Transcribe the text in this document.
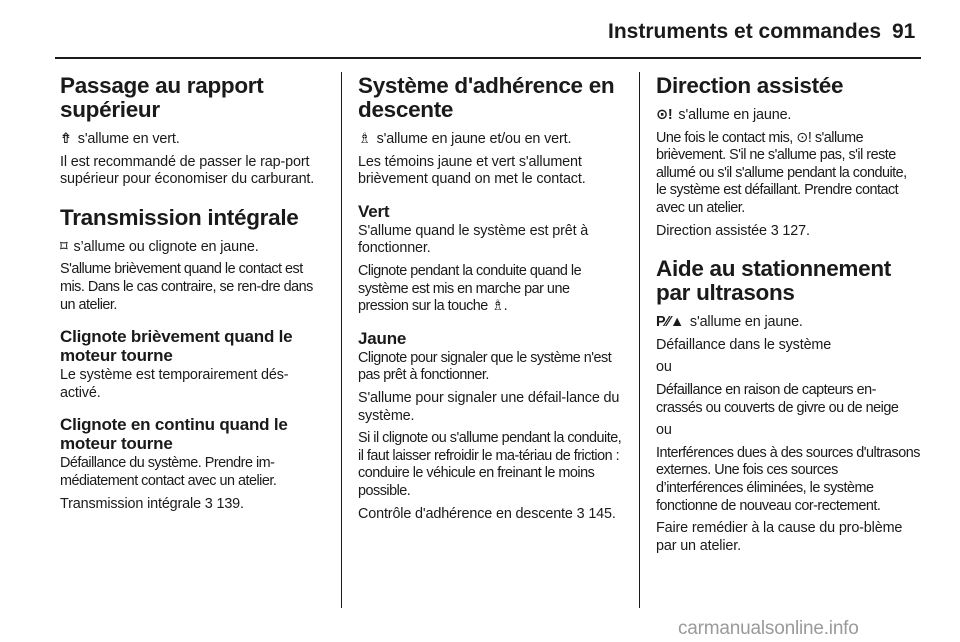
Instruments et commandes 91
Passage au rapport supérieur

⇮ s'allume en vert.

Il est recommandé de passer le rap-port supérieur pour économiser du carburant.

Transmission intégrale

⌑ s’allume ou clignote en jaune.

S'allume brièvement quand le contact est mis. Dans le cas contraire, se ren-dre dans un atelier.

Clignote brièvement quand le moteur tourne

Le système est temporairement dés-activé.

Clignote en continu quand le moteur tourne

Défaillance du système. Prendre im-médiatement contact avec un atelier.

Transmission intégrale 3 139.

Système d'adhérence en descente

♗ s'allume en jaune et/ou en vert.

Les témoins jaune et vert s'allument brièvement quand on met le contact.

Vert

S'allume quand le système est prêt à fonctionner.

Clignote pendant la conduite quand le système est mis en marche par une pression sur la touche ♗.

Jaune

Clignote pour signaler que le système n'est pas prêt à fonctionner.

S'allume pour signaler une défail-lance du système.

Si il clignote ou s'allume pendant la conduite, il faut laisser refroidir le ma-tériau de friction : conduire le véhicule en freinant le moins possible.

Contrôle d'adhérence en descente 3 145.

Direction assistée

⊙! s'allume en jaune.

Une fois le contact mis, ⊙! s'allume brièvement. S'il ne s'allume pas, s'il reste allumé ou s'il s'allume pendant la conduite, le système est défaillant. Prendre contact avec un atelier.

Direction assistée 3 127.

Aide au stationnement par ultrasons

P⁄⁄▲ s'allume en jaune.

Défaillance dans le système

ou

Défaillance en raison de capteurs en-crassés ou couverts de givre ou de neige

ou

Interférences dues à des sources d'ultrasons externes. Une fois ces sources d’interférences éliminées, le système fonctionne de nouveau cor-rectement.

Faire remédier à la cause du pro-blème par un atelier.

carmanualsonline.info
